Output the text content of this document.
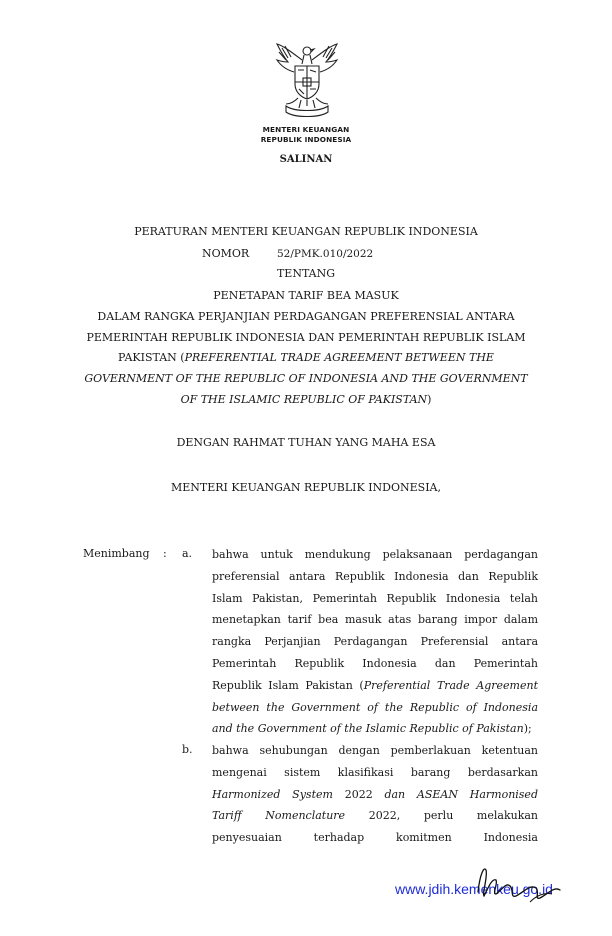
MENTERI KEUANGAN
REPUBLIK INDONESIA
SALINAN
PERATURAN MENTERI KEUANGAN REPUBLIK INDONESIA
NOMOR	52/PMK.010/2022
TENTANG
PENETAPAN TARIF BEA MASUK
DALAM RANGKA PERJANJIAN PERDAGANGAN PREFERENSIAL ANTARA
PEMERINTAH REPUBLIK INDONESIA DAN PEMERINTAH REPUBLIK ISLAM
PAKISTAN (PREFERENTIAL TRADE AGREEMENT BETWEEN THE
GOVERNMENT OF THE REPUBLIC OF INDONESIA AND THE GOVERNMENT
OF THE ISLAMIC REPUBLIC OF PAKISTAN)
DENGAN RAHMAT TUHAN YANG MAHA ESA
MENTERI KEUANGAN REPUBLIK INDONESIA,
Menimbang : a. bahwa untuk mendukung pelaksanaan perdagangan
preferensial antara Republik Indonesia dan Republik
Islam Pakistan, Pemerintah Republik Indonesia telah
menetapkan tarif bea masuk atas barang impor dalam
rangka Perjanjian Perdagangan Preferensial antara
Pemerintah Republik Indonesia dan Pemerintah
Republik Islam Pakistan (Preferential Trade Agreement
between the Government of the Republic of Indonesia
and the Government of the Islamic Republic of Pakistan);
b. bahwa sehubungan dengan pemberlakuan ketentuan
mengenai sistem klasifikasi barang berdasarkan
Harmonized System 2022 dan ASEAN Harmonised
Tariff Nomenclature 2022, perlu melakukan
penyesuaian terhadap komitmen Indonesia
www.jdih.kemenkeu.go.id
